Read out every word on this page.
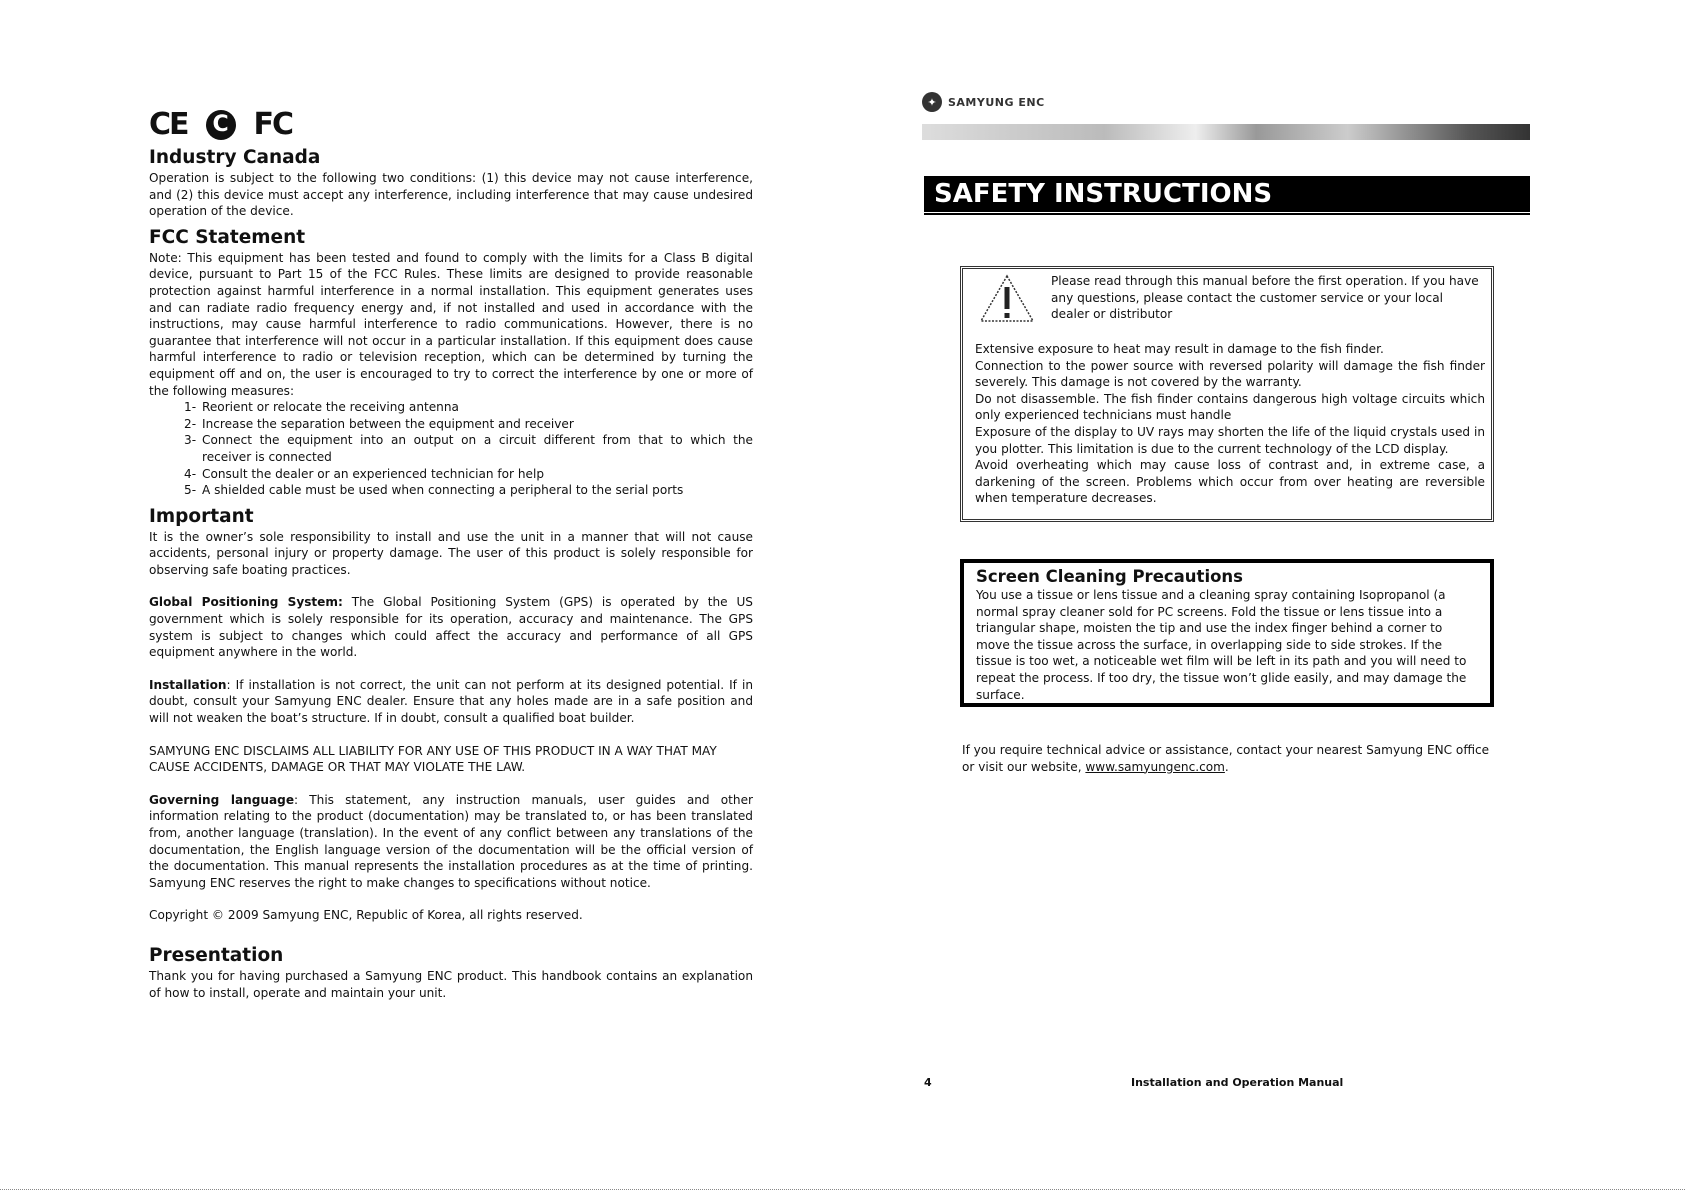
CE	C FC
Industry Canada

Operation is subject to the following two conditions: (1) this device may not cause interference, and (2) this device must accept any interference, including interference that may cause undesired operation of the device.

FCC Statement

Note: This equipment has been tested and found to comply with the limits for a Class B digital device, pursuant to Part 15 of the FCC Rules. These limits are designed to provide reasonable protection against harmful interference in a normal installation. This equipment generates uses and can radiate radio frequency energy and, if not installed and used in accordance with the instructions, may cause harmful interference to radio communications. However, there is no guarantee that interference will not occur in a particular installation. If this equipment does cause harmful interference to radio or television reception, which can be determined by turning the equipment off and on, the user is encouraged to try to correct the interference by one or more of the following measures:

1- Reorient or relocate the receiving antenna
2- Increase the separation between the equipment and receiver
3- Connect the equipment into an output on a circuit different from that to which the receiver is connected
4- Consult the dealer or an experienced technician for help
5- A shielded cable must be used when connecting a peripheral to the serial ports
Important

It is the owner’s sole responsibility to install and use the unit in a manner that will not cause accidents, personal injury or property damage. The user of this product is solely responsible for observing safe boating practices.

Global Positioning System: The Global Positioning System (GPS) is operated by the US government which is solely responsible for its operation, accuracy and maintenance. The GPS system is subject to changes which could affect the accuracy and performance of all GPS equipment anywhere in the world.

Installation: If installation is not correct, the unit can not perform at its designed potential. If in doubt, consult your Samyung ENC dealer. Ensure that any holes made are in a safe position and will not weaken the boat’s structure. If in doubt, consult a qualified boat builder.

SAMYUNG ENC DISCLAIMS ALL LIABILITY FOR ANY USE OF THIS PRODUCT IN A WAY THAT MAY CAUSE ACCIDENTS, DAMAGE OR THAT MAY VIOLATE THE LAW.

Governing language: This statement, any instruction manuals, user guides and other information relating to the product (documentation) may be translated to, or has been translated from, another language (translation). In the event of any conflict between any translations of the documentation, the English language version of the documentation will be the official version of the documentation. This manual represents the installation procedures as at the time of printing. Samyung ENC reserves the right to make changes to specifications without notice.

Copyright © 2009 Samyung ENC, Republic of Korea, all rights reserved.

Presentation

Thank you for having purchased a Samyung ENC product. This handbook contains an explanation of how to install, operate and maintain your unit.

✦	SAMYUNG ENC
SAFETY INSTRUCTIONS

Please read through this manual before the first operation. If you have any questions, please contact the customer service or your local dealer or distributor

Extensive exposure to heat may result in damage to the fish finder.

Connection to the power source with reversed polarity will damage the fish finder severely. This damage is not covered by the warranty.

Do not disassemble. The fish finder contains dangerous high voltage circuits which only experienced technicians must handle

Exposure of the display to UV rays may shorten the life of the liquid crystals used in you plotter. This limitation is due to the current technology of the LCD display.

Avoid overheating which may cause loss of contrast and, in extreme case, a darkening of the screen. Problems which occur from over heating are reversible when temperature decreases.

Screen Cleaning Precautions

You use a tissue or lens tissue and a cleaning spray containing Isopropanol (a normal spray cleaner sold for PC screens. Fold the tissue or lens tissue into a triangular shape, moisten the tip and use the index finger behind a corner to move the tissue across the surface, in overlapping side to side strokes. If the tissue is too wet, a noticeable wet film will be left in its path and you will need to repeat the process. If too dry, the tissue won’t glide easily, and may damage the surface.

If you require technical advice or assistance, contact your nearest Samyung ENC office or visit our website, www.samyungenc.com.
4	Installation and Operation Manual
